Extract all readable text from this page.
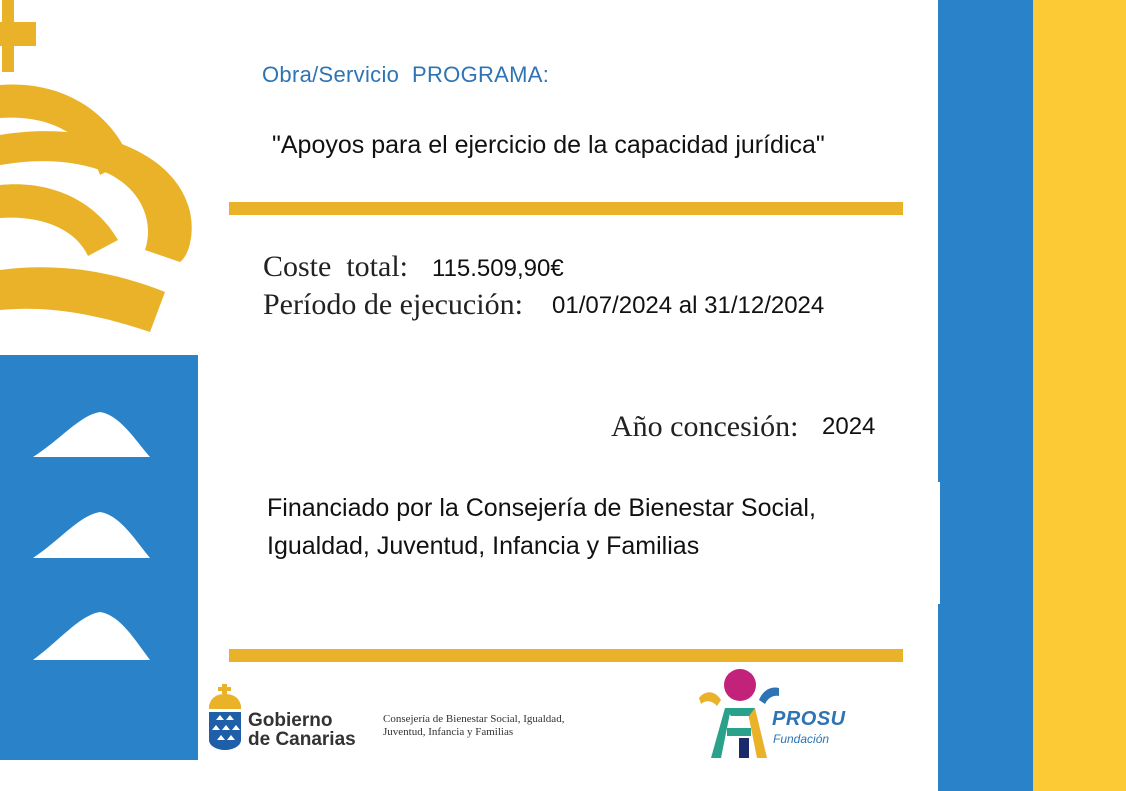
Obra/Servicio PROGRAMA:
"Apoyos para el ejercicio de la capacidad jurídica"
Coste  total: 115.509,90€
Período de ejecución: 01/07/2024 al 31/12/2024
Año concesión: 2024
Financiado por la Consejería de Bienestar Social,
Igualdad, Juventud, Infancia y Familias
Gobierno
de Canarias
Consejería de Bienestar Social, Igualdad,
Juventud, Infancia y Familias
PROSU
Fundación
